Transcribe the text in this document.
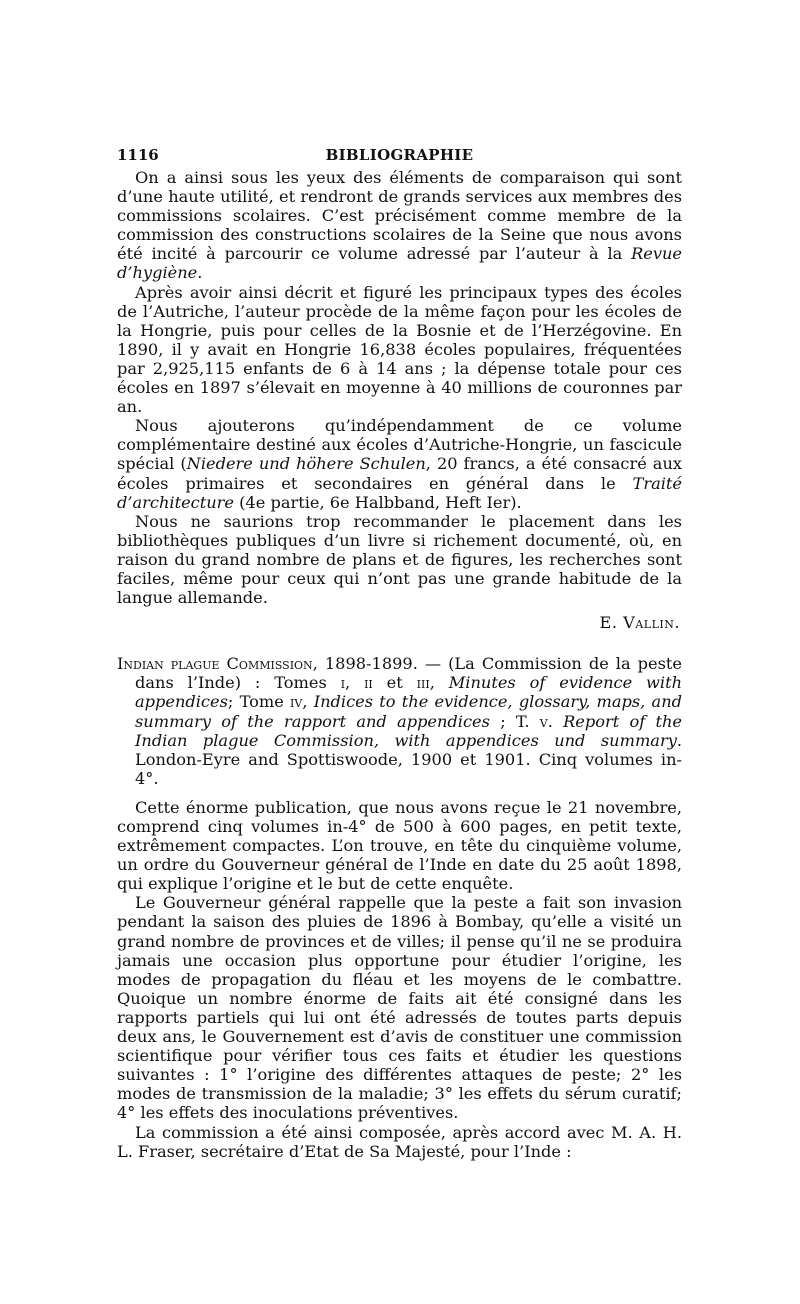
1116	BIBLIOGRAPHIE

On a ainsi sous les yeux des éléments de comparaison qui sont d’une haute utilité, et rendront de grands services aux membres des commissions scolaires. C’est précisément comme membre de la commission des constructions scolaires de la Seine que nous avons été incité à parcourir ce volume adressé par l’auteur à la Revue d’hygiène.

Après avoir ainsi décrit et figuré les principaux types des écoles de l’Autriche, l’auteur procède de la même façon pour les écoles de la Hongrie, puis pour celles de la Bosnie et de l’Herzégovine. En 1890, il y avait en Hongrie 16,838 écoles populaires, fréquentées par 2,925,115 enfants de 6 à 14 ans ; la dépense totale pour ces écoles en 1897 s’élevait en moyenne à 40 millions de couronnes par an.

Nous ajouterons qu’indépendamment de ce volume complémentaire destiné aux écoles d’Autriche-Hongrie, un fascicule spécial (Niedere und höhere Schulen, 20 francs, a été consacré aux écoles primaires et secondaires en général dans le Traité d’architecture (4e partie, 6e Halbband, Heft Ier).

Nous ne saurions trop recommander le placement dans les bibliothèques publiques d’un livre si richement documenté, où, en raison du grand nombre de plans et de figures, les recherches sont faciles, même pour ceux qui n’ont pas une grande habitude de la langue allemande.

E. Vallin.

Indian plague Commission, 1898-1899. — (La Commission de la peste dans l’Inde) : Tomes i, ii et iii, Minutes of evidence with appendices; Tome iv, Indices to the evidence, glossary, maps, and summary of the rapport and appendices ; T. v. Report of the Indian plague Commission, with appendices und summary. London-Eyre and Spottiswoode, 1900 et 1901. Cinq volumes in-4°.

Cette énorme publication, que nous avons reçue le 21 novembre, comprend cinq volumes in-4° de 500 à 600 pages, en petit texte, extrêmement compactes. L’on trouve, en tête du cinquième volume, un ordre du Gouverneur général de l’Inde en date du 25 août 1898, qui explique l’origine et le but de cette enquête.

Le Gouverneur général rappelle que la peste a fait son invasion pendant la saison des pluies de 1896 à Bombay, qu’elle a visité un grand nombre de provinces et de villes; il pense qu’il ne se produira jamais une occasion plus opportune pour étudier l’origine, les modes de propagation du fléau et les moyens de le combattre. Quoique un nombre énorme de faits ait été consigné dans les rapports partiels qui lui ont été adressés de toutes parts depuis deux ans, le Gouvernement est d’avis de constituer une commission scientifique pour vérifier tous ces faits et étudier les questions suivantes : 1° l’origine des différentes attaques de peste; 2° les modes de transmission de la maladie; 3° les effets du sérum curatif; 4° les effets des inoculations préventives.

La commission a été ainsi composée, après accord avec M. A. H. L. Fraser, secrétaire d’Etat de Sa Majesté, pour l’Inde :
